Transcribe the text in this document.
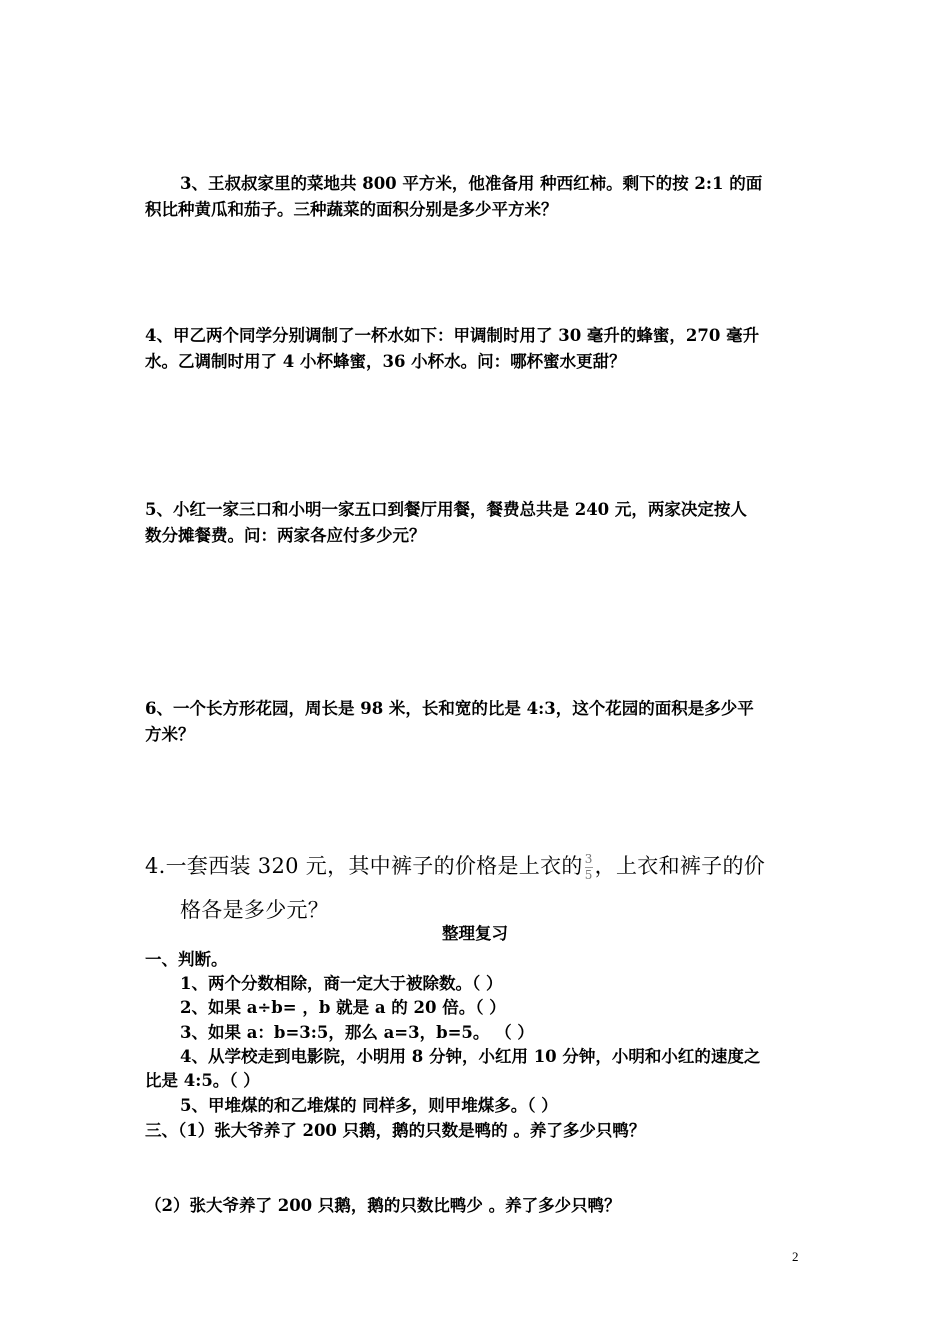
3、王叔叔家里的菜地共 800 平方米，他准备用 种西红柿。剩下的按 2:1 的面
积比种黄瓜和茄子。三种蔬菜的面积分别是多少平方米？
4、甲乙两个同学分别调制了一杯水如下：甲调制时用了 30 毫升的蜂蜜，270 毫升
水。乙调制时用了 4 小杯蜂蜜，36 小杯水。问：哪杯蜜水更甜？
5、小红一家三口和小明一家五口到餐厅用餐，餐费总共是 240 元，两家决定按人
数分摊餐费。问：两家各应付多少元？
6、一个长方形花园，周长是 98 米，长和宽的比是 4:3，这个花园的面积是多少平
方米？
4.一套西装 320 元，其中裤子的价格是上衣的 $\frac{3}{5}$ ，上衣和裤子的价
格各是多少元？
整理复习
一、判断。
1、两个分数相除，商一定大于被除数。（ ）
2、如果 a÷b= ，b 就是 a 的 20 倍。（ ）
3、如果 a：b=3:5，那么 a=3，b=5。 （ ）
4、从学校走到电影院，小明用 8 分钟，小红用 10 分钟，小明和小红的速度之
比是 4:5。（ ）
5、甲堆煤的和乙堆煤的 同样多，则甲堆煤多。（ ）
三、（1）张大爷养了 200 只鹅，鹅的只数是鸭的 。养了多少只鸭？
（2）张大爷养了 200 只鹅，鹅的只数比鸭少 。养了多少只鸭？
2
